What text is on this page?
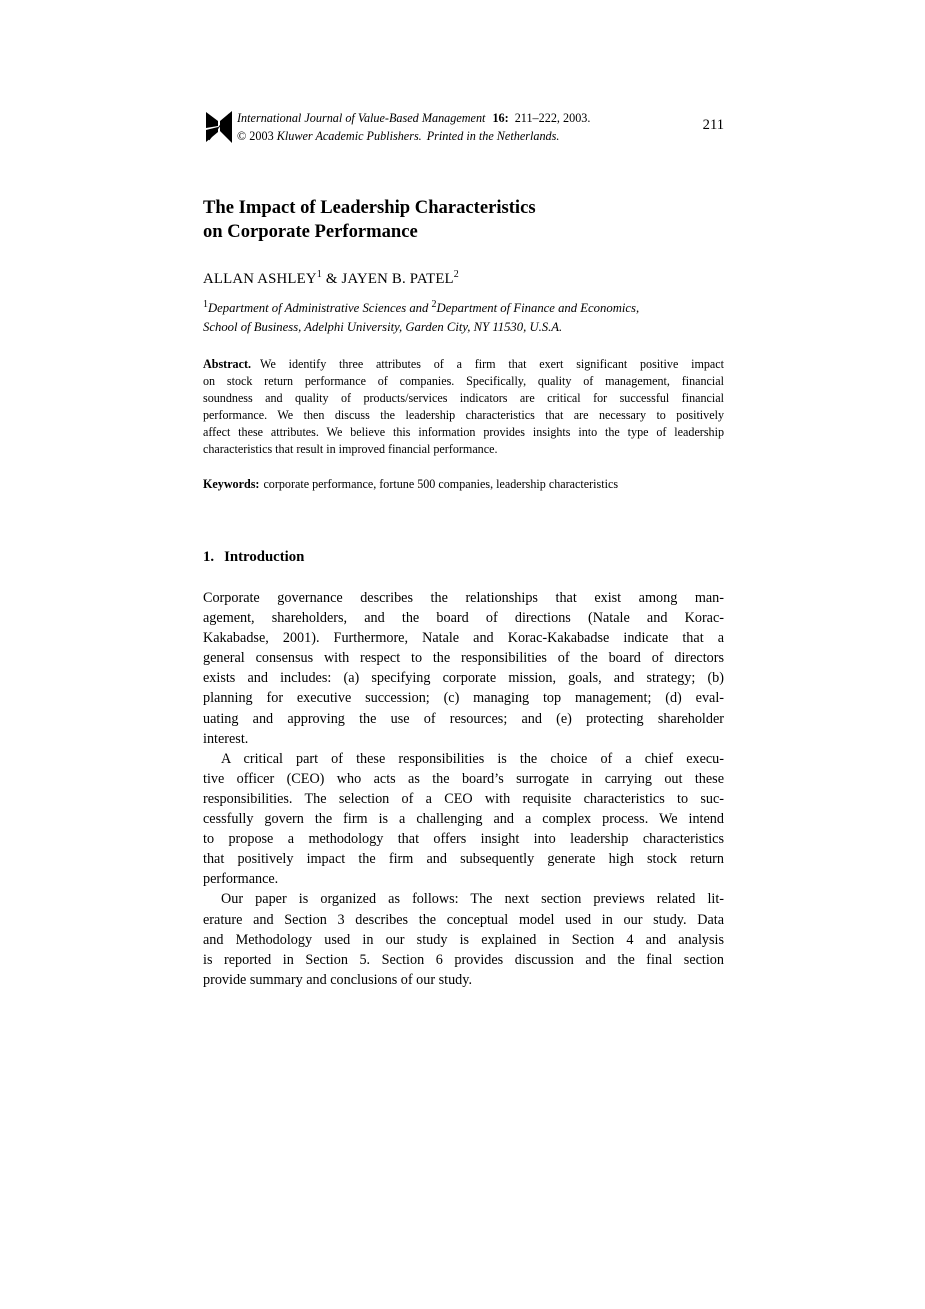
International Journal of Value-Based Management 16: 211–222, 2003.
© 2003 Kluwer Academic Publishers. Printed in the Netherlands.
211
The Impact of Leadership Characteristics
on Corporate Performance
ALLAN ASHLEY$^1$ & JAYEN B. PATEL$^2$
$^1$Department of Administrative Sciences and $^2$Department of Finance and Economics,
School of Business, Adelphi University, Garden City, NY 11530, U.S.A.
Abstract. We identify three attributes of a firm that exert significant positive impact
on stock return performance of companies. Specifically, quality of management, financial
soundness and quality of products/services indicators are critical for successful financial
performance. We then discuss the leadership characteristics that are necessary to positively
affect these attributes. We believe this information provides insights into the type of leadership
characteristics that result in improved financial performance.
Keywords: corporate performance, fortune 500 companies, leadership characteristics
1. Introduction
Corporate governance describes the relationships that exist among man-
agement, shareholders, and the board of directions (Natale and Korac-
Kakabadse, 2001). Furthermore, Natale and Korac-Kakabadse indicate that a
general consensus with respect to the responsibilities of the board of directors
exists and includes: (a) specifying corporate mission, goals, and strategy; (b)
planning for executive succession; (c) managing top management; (d) eval-
uating and approving the use of resources; and (e) protecting shareholder
interest.
A critical part of these responsibilities is the choice of a chief execu-
tive officer (CEO) who acts as the board’s surrogate in carrying out these
responsibilities. The selection of a CEO with requisite characteristics to suc-
cessfully govern the firm is a challenging and a complex process. We intend
to propose a methodology that offers insight into leadership characteristics
that positively impact the firm and subsequently generate high stock return
performance.
Our paper is organized as follows: The next section previews related lit-
erature and Section 3 describes the conceptual model used in our study. Data
and Methodology used in our study is explained in Section 4 and analysis
is reported in Section 5. Section 6 provides discussion and the final section
provide summary and conclusions of our study.
